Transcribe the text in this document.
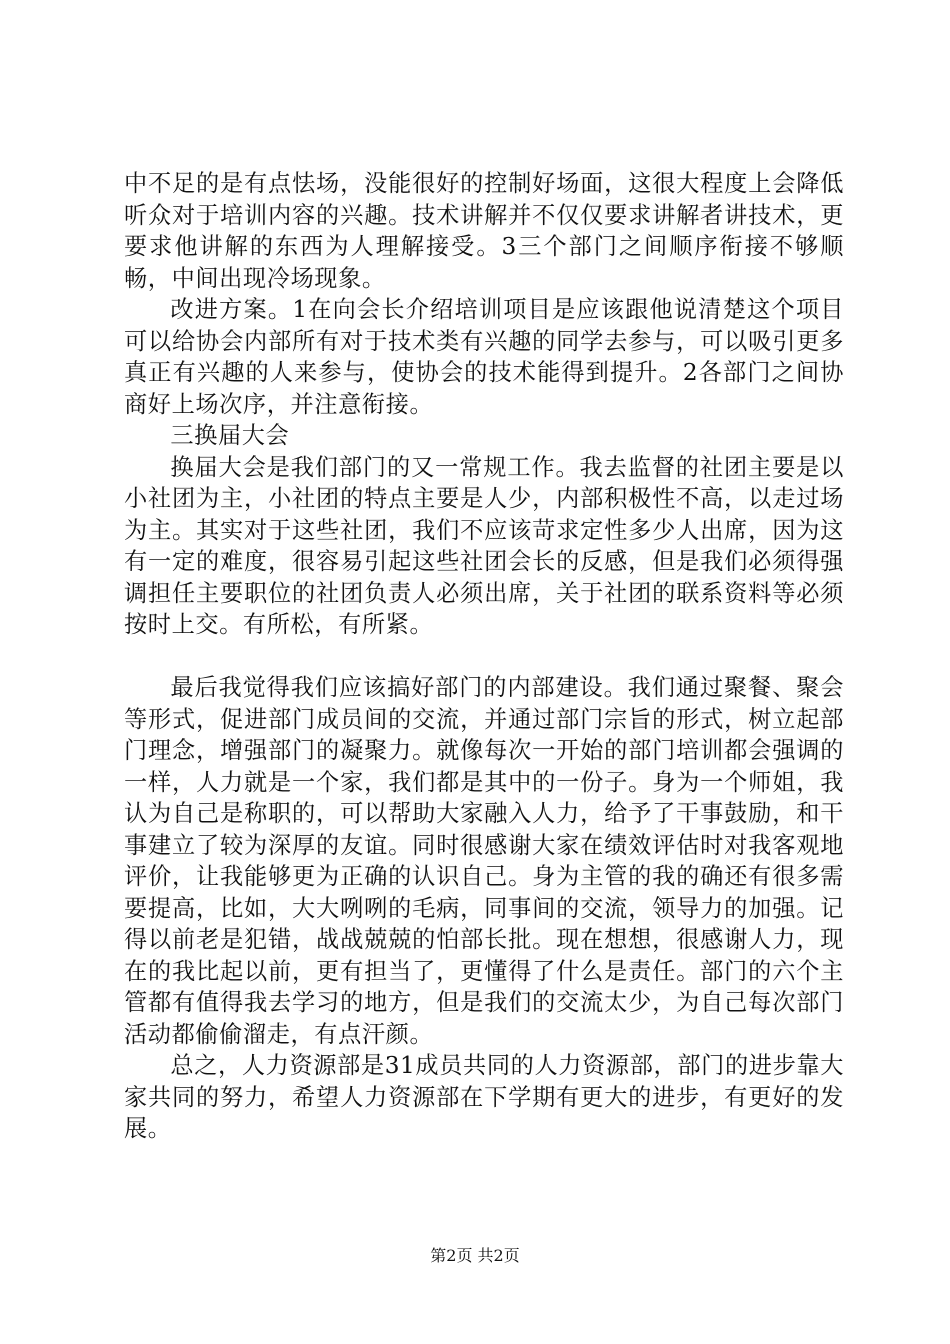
中不足的是有点怯场，没能很好的控制好场面，这很大程度上会降低听众对于培训内容的兴趣。技术讲解并不仅仅要求讲解者讲技术，更要求他讲解的东西为人理解接受。3三个部门之间顺序衔接不够顺畅，中间出现冷场现象。

改进方案。1在向会长介绍培训项目是应该跟他说清楚这个项目可以给协会内部所有对于技术类有兴趣的同学去参与，可以吸引更多真正有兴趣的人来参与，使协会的技术能得到提升。2各部门之间协商好上场次序，并注意衔接。

三换届大会

换届大会是我们部门的又一常规工作。我去监督的社团主要是以小社团为主，小社团的特点主要是人少，内部积极性不高，以走过场为主。其实对于这些社团，我们不应该苛求定性多少人出席，因为这有一定的难度，很容易引起这些社团会长的反感，但是我们必须得强调担任主要职位的社团负责人必须出席，关于社团的联系资料等必须按时上交。有所松，有所紧。

最后我觉得我们应该搞好部门的内部建设。我们通过聚餐、聚会等形式，促进部门成员间的交流，并通过部门宗旨的形式，树立起部门理念，增强部门的凝聚力。就像每次一开始的部门培训都会强调的一样，人力就是一个家，我们都是其中的一份子。身为一个师姐，我认为自己是称职的，可以帮助大家融入人力，给予了干事鼓励，和干事建立了较为深厚的友谊。同时很感谢大家在绩效评估时对我客观地评价，让我能够更为正确的认识自己。身为主管的我的确还有很多需要提高，比如，大大咧咧的毛病，同事间的交流，领导力的加强。记得以前老是犯错，战战兢兢的怕部长批。现在想想，很感谢人力，现在的我比起以前，更有担当了，更懂得了什么是责任。部门的六个主管都有值得我去学习的地方，但是我们的交流太少，为自己每次部门活动都偷偷溜走，有点汗颜。

总之，人力资源部是31成员共同的人力资源部，部门的进步靠大家共同的努力，希望人力资源部在下学期有更大的进步，有更好的发展。

第2页 共2页
